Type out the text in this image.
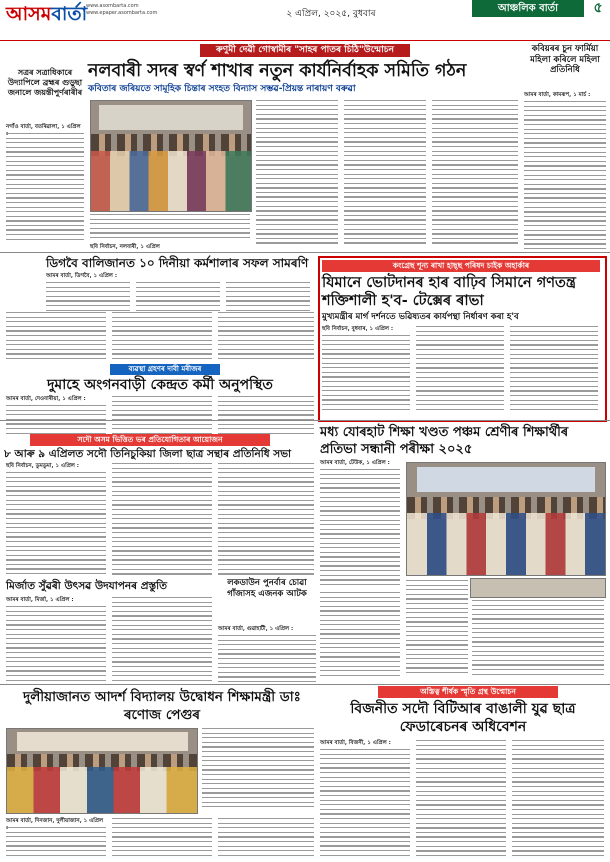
আসমবার্তা
www.asombarta.com
www.epaper.asombarta.com	২ এপ্ৰিল, ২০২৫, বুধবাৰ	আঞ্চলিক বাৰ্তা	৫
সত্ৰৰ সত্ৰাধিকাৰে উদ্যাপিলে ব্ৰহ্মৰ গুড়ুছা জনালে জয়ন্তীপুৰ্ণৰাৰীৰ
নগাঁও বাৰ্তা, বতৰিৱালা, ১ এপ্ৰিল
ৰুণুমী দেৱী গোস্বামীৰ "সাহৰ পাতৰ চিঠি"উন্মোচন
নলবাৰী সদৰ স্বৰ্ণ শাখাৰ নতুন কাৰ্যনিৰ্বাহক সমিতি গঠন
কবিতাৰ জৰিয়তে সামূহিক চিন্তাৰ সংহত বিন্যাস সম্ভৱ-প্ৰিয়ন্ত নাৰায়ণ বৰুৱা
ছবি নিৰ্বাচন, নলবাৰী, ১ এপ্ৰিল
কবিয়ৰৰ চুন ফাৰ্মিয়া মহিলা কৰিলে মহিলা প্ৰতিনিধি
আমৰ বাৰ্তা, কামৰূপ, ১ মাৰ্চ :
ডিগবৈ বালিজানত ১০ দিনীয়া কৰ্মশালাৰ সফল সামৰণি
আমৰ বাৰ্তা, ডিগবৈ, ১ এপ্ৰিল :
কংগ্ৰেছ শূন্য ৰাখা হাছ্ছ পৰিষদ চাইক অহাৰ্কাৰ
যিমানে ভোটদানৰ হাৰ বাঢ়িব সিমানে গণতন্ত্ৰ শক্তিশালী হ'ব- টেক্সেৰ ৰাভা
মুখ্যমন্ত্ৰীৰ মাৰ্গ দৰ্শনতে ভৱিষ্যতৰ কাৰ্যপন্থা নিৰ্ধাৰণ কৰা হ'ব
ছবি নিৰ্বাচন, বুধবাৰ, ১ এপ্ৰিল :
ব্যৱস্থা গ্ৰহণৰ দাবী মৰীজৰ
দুমাহে অংগনবাড়ী কেন্দ্ৰত কৰ্মী অনুপস্থিত
আমৰ বাৰ্তা, দেওবাৰীয়া, ১ এপ্ৰিল :
সদৌ অসম ভিত্তিত ভৰ প্ৰতিযোগিতাৰ আয়োজন
৮ আৰু ৯ এপ্ৰিলত সদৌ তিনিচুকিয়া জিলা ছাত্ৰ সন্থাৰ প্ৰতিনিধি সভা
ছবি নিৰ্বাচন, ডুমডুমা, ১ এপ্ৰিল :
মধ্য যোৰহাট শিক্ষা খণ্ডত পঞ্চম শ্ৰেণীৰ শিক্ষাৰ্থীৰ প্ৰতিভা সন্ধানী পৰীক্ষা ২০২৫
আমৰ বাৰ্তা, টেউক, ১ এপ্ৰিল :
মিৰ্জাত সুঁৱৰী উৎসৱ উদযাপনৰ প্ৰস্তুতি
আমৰ বাৰ্তা, মিৰ্জা, ১ এপ্ৰিল :
লকডাউন পুনৰ্বাৰ চোৱা গাঁজাসহ এজনক আটক
আমৰ বাৰ্তা, গুৱাহাটী, ১ এপ্ৰিল :
দুলীয়াজানত আদৰ্শ বিদ্যালয় উদ্বোধন শিক্ষামন্ত্ৰী ডাঃ ৰণোজ পেগুৰ
আমৰ বাৰ্তা, দিনজান, দুলীয়াজান, ১ এপ্ৰিল
অস্তিত্ব শীৰ্ষক স্মৃতি গ্ৰন্থ উন্মোচন
বিজনীত সদৌ বিটিআৰ বাঙালী যুৱ ছাত্ৰ ফেডাৰেচনৰ অধিবেশন
আমৰ বাৰ্তা, বিজনী, ১ এপ্ৰিল :
